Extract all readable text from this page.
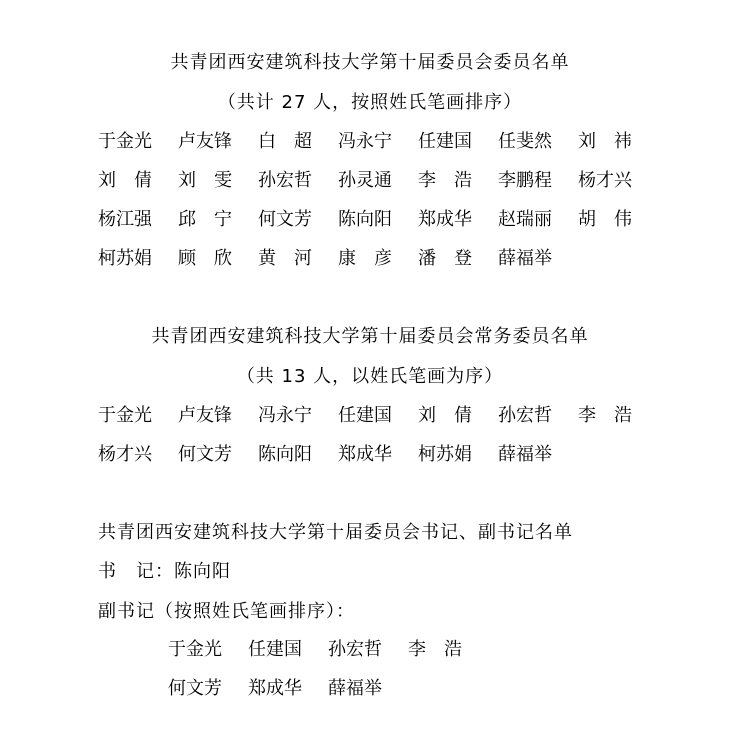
共青团西安建筑科技大学第十届委员会委员名单
（共计 27 人，按照姓氏笔画排序）
于金光	卢友锋	白　超	冯永宁	任建国	任斐然	刘　祎
刘　倩	刘　雯	孙宏哲	孙灵通	李　浩	李鹏程	杨才兴
杨江强	邱　宁	何文芳	陈向阳	郑成华	赵瑞丽	胡　伟
柯苏娟	顾　欣	黄　河	康　彦	潘　登	薛福举
共青团西安建筑科技大学第十届委员会常务委员名单
（共 13 人，以姓氏笔画为序）
于金光	卢友锋	冯永宁	任建国	刘　倩	孙宏哲	李　浩
杨才兴	何文芳	陈向阳	郑成华	柯苏娟	薛福举
共青团西安建筑科技大学第十届委员会书记、副书记名单
书　记：陈向阳
副书记（按照姓氏笔画排序）：
于金光	任建国	孙宏哲	李　浩
何文芳	郑成华	薛福举
